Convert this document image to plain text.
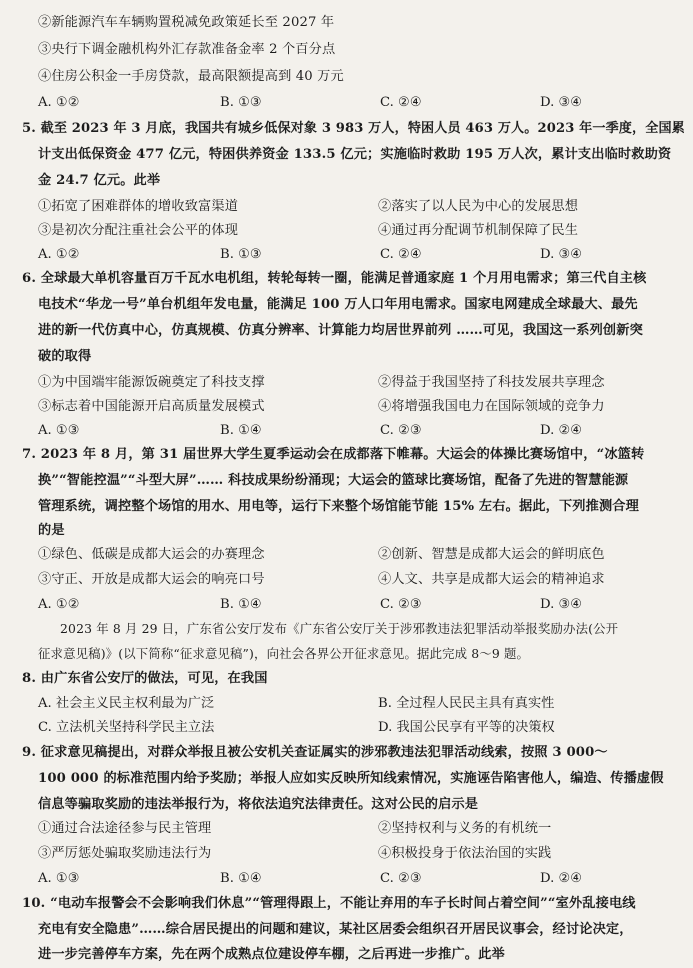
②新能源汽车车辆购置税减免政策延长至 2027 年
③央行下调金融机构外汇存款准备金率 2 个百分点
④住房公积金一手房贷款，最高限额提高到 40 万元
A. ①②	B. ①③	C. ②④	D. ③④
5. 截至 2023 年 3 月底，我国共有城乡低保对象 3 983 万人，特困人员 463 万人。2023 年一季度，全国累
计支出低保资金 477 亿元，特困供养资金 133.5 亿元；实施临时救助 195 万人次，累计支出临时救助资
金 24.7 亿元。此举
①拓宽了困难群体的增收致富渠道	②落实了以人民为中心的发展思想
③是初次分配注重社会公平的体现	④通过再分配调节机制保障了民生
A. ①②	B. ①③	C. ②④	D. ③④
6. 全球最大单机容量百万千瓦水电机组，转轮每转一圈，能满足普通家庭 1 个月用电需求；第三代自主核
电技术“华龙一号”单台机组年发电量，能满足 100 万人口年用电需求。国家电网建成全球最大、最先
进的新一代仿真中心，仿真规模、仿真分辨率、计算能力均居世界前列 ……可见，我国这一系列创新突
破的取得
①为中国端牢能源饭碗奠定了科技支撑	②得益于我国坚持了科技发展共享理念
③标志着中国能源开启高质量发展模式	④将增强我国电力在国际领域的竞争力
A. ①③	B. ①④	C. ②③	D. ②④
7. 2023 年 8 月，第 31 届世界大学生夏季运动会在成都落下帷幕。大运会的体操比赛场馆中，“冰篮转
换”“智能控温”“斗型大屏”…… 科技成果纷纷涌现；大运会的篮球比赛场馆，配备了先进的智慧能源
管理系统，调控整个场馆的用水、用电等，运行下来整个场馆能节能 15% 左右。据此，下列推测合理
的是
①绿色、低碳是成都大运会的办赛理念	②创新、智慧是成都大运会的鲜明底色
③守正、开放是成都大运会的响亮口号	④人文、共享是成都大运会的精神追求
A. ①②	B. ①④	C. ②③	D. ③④
2023 年 8 月 29 日，广东省公安厅发布《广东省公安厅关于涉邪教违法犯罪活动举报奖励办法(公开
征求意见稿)》(以下简称“征求意见稿”)，向社会各界公开征求意见。据此完成 8～9 题。
8. 由广东省公安厅的做法，可见，在我国
A. 社会主义民主权利最为广泛	B. 全过程人民民主具有真实性
C. 立法机关坚持科学民主立法	D. 我国公民享有平等的决策权
9. 征求意见稿提出，对群众举报且被公安机关查证属实的涉邪教违法犯罪活动线索，按照 3 000～
100 000 的标准范围内给予奖励；举报人应如实反映所知线索情况，实施诬告陷害他人，编造、传播虚假
信息等骗取奖励的违法举报行为，将依法追究法律责任。这对公民的启示是
①通过合法途径参与民主管理	②坚持权利与义务的有机统一
③严厉惩处骗取奖励违法行为	④积极投身于依法治国的实践
A. ①③	B. ①④	C. ②③	D. ②④
10. “电动车报警会不会影响我们休息”“管理得跟上，不能让弃用的车子长时间占着空间”“室外乱接电线
充电有安全隐患”……综合居民提出的问题和建议，某社区居委会组织召开居民议事会，经讨论决定，
进一步完善停车方案，先在两个成熟点位建设停车棚，之后再进一步推广。此举
